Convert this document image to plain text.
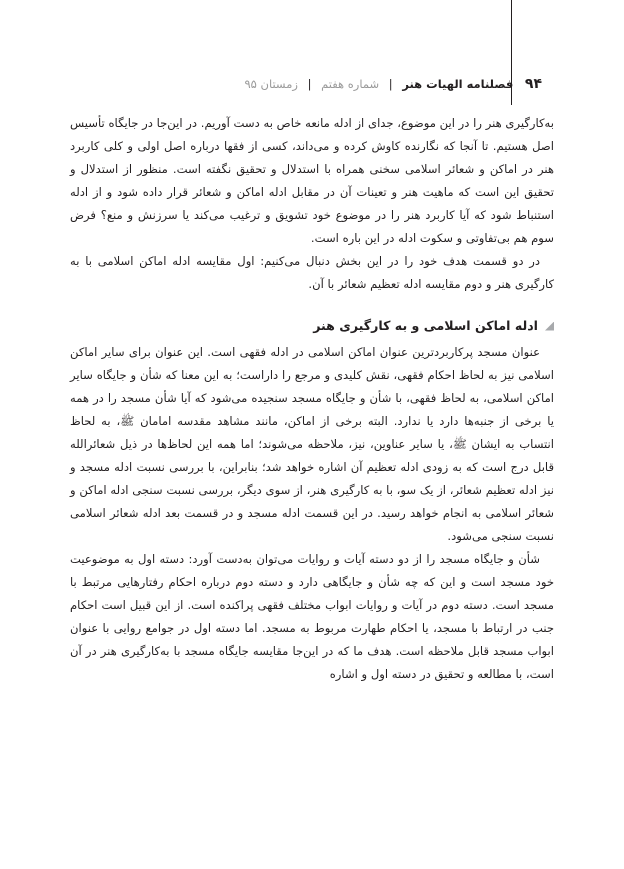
۹۴ فصلنامه الهیات هنر | شماره هفتم | زمستان ۹۵

به‌کارگیری هنر را در این موضوع، جدای از ادله مانعه خاص به دست آوریم. در این‌جا در جایگاه تأسیس اصل هستیم. تا آنجا که نگارنده کاوش کرده و می‌داند، کسی از فقها درباره اصل اولی و کلی کاربرد هنر در اماکن و شعائر اسلامی سخنی همراه با استدلال و تحقیق نگفته است. منظور از استدلال و تحقیق این است که ماهیت هنر و تعینات آن در مقابل ادله اماکن و شعائر قرار داده شود و از ادله استنباط شود که آیا کاربرد هنر را در موضوع خود تشویق و ترغیب می‌کند یا سرزنش و منع؟ فرض سوم هم بی‌تفاوتی و سکوت ادله در این باره است.

در دو قسمت هدف خود را در این بخش دنبال می‌کنیم: اول مقایسه ادله اماکن اسلامی با به کارگیری هنر و دوم مقایسه ادله تعظیم شعائر با آن.

ادله اماکن اسلامی و به کارگیری هنر

عنوان مسجد پرکاربردترین عنوان اماکن اسلامی در ادله فقهی است. این عنوان برای سایر اماکن اسلامی نیز به لحاظ احکام فقهی، نقش کلیدی و مرجع را داراست؛ به این معنا که شأن و جایگاه سایر اماکن اسلامی، به لحاظ فقهی، با شأن و جایگاه مسجد سنجیده می‌شود که آیا شأن مسجد را در همه یا برخی از جنبه‌ها دارد یا ندارد. البته برخی از اماکن، مانند مشاهد مقدسه امامان ﷺ، به لحاظ انتساب به ایشان ﷺ، یا سایر عناوین، نیز، ملاحظه می‌شوند؛ اما همه این لحاظ‌ها در ذیل شعائرالله قابل درج است که به زودی ادله تعظیم آن اشاره خواهد شد؛ بنابراین، با بررسی نسبت ادله مسجد و نیز ادله تعظیم شعائر، از یک سو، با به کارگیری هنر، از سوی دیگر، بررسی نسبت سنجی ادله اماکن و شعائر اسلامی به انجام خواهد رسید. در این قسمت ادله مسجد و در قسمت بعد ادله شعائر اسلامی نسبت سنجی می‌شود.

شأن و جایگاه مسجد را از دو دسته آیات و روایات می‌توان به‌دست آورد: دسته اول به موضوعیت خود مسجد است و این که چه شأن و جایگاهی دارد و دسته دوم درباره احکام رفتارهایی مرتبط با مسجد است. دسته دوم در آیات و روایات ابواب مختلف فقهی پراکنده است. از این قبیل است احکام جنب در ارتباط با مسجد، یا احکام طهارت مربوط به مسجد. اما دسته اول در جوامع روایی با عنوان ابواب مسجد قابل ملاحظه است. هدف ما که در این‌جا مقایسه جایگاه مسجد با به‌کارگیری هنر در آن است، با مطالعه و تحقیق در دسته اول و اشاره
